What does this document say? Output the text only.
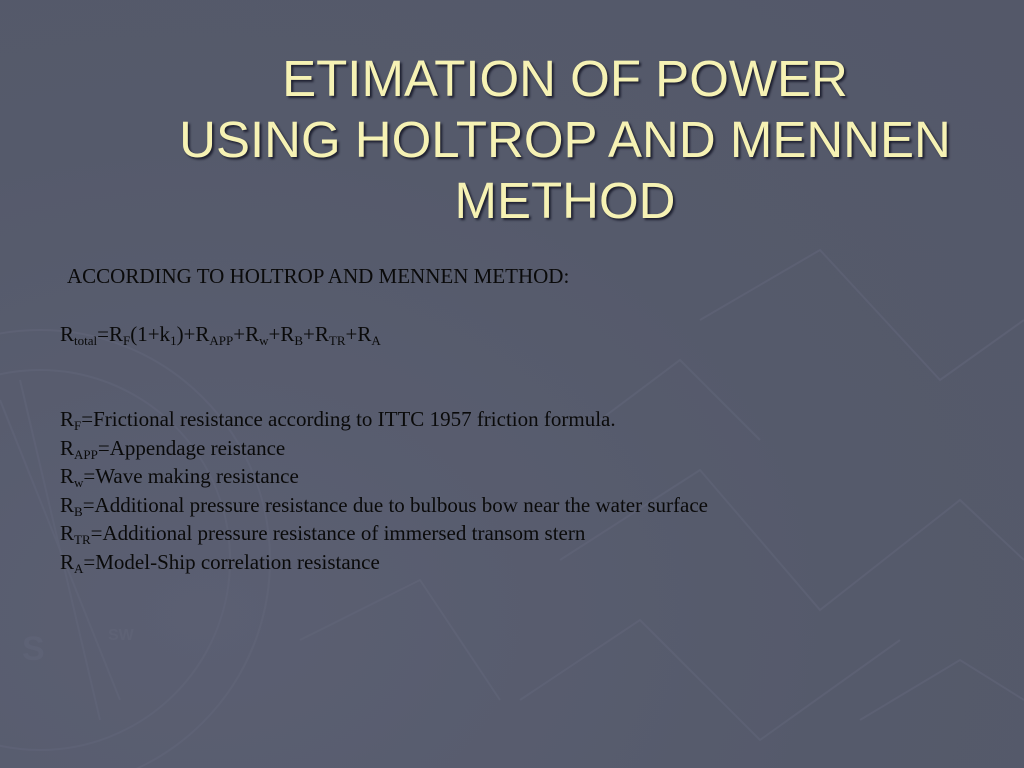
S	SW
ETIMATION OF POWER
USING HOLTROP AND MENNEN
METHOD
ACCORDING TO HOLTROP AND MENNEN METHOD:
$R_{total}=R_F(1+k_1)+R_{APP}+R_w+R_B+R_{TR}+R_A$
$R_F=Frictional$ resistance according to ITTC 1957 friction formula.
$R_{APP}=Appendage$ reistance
$R_w=Wave$ making resistance
$R_B=Additional$ pressure resistance due to bulbous bow near the water surface
$R_{TR}=Additional$ pressure resistance of immersed transom stern
$R_A=Model$-Ship correlation resistance
